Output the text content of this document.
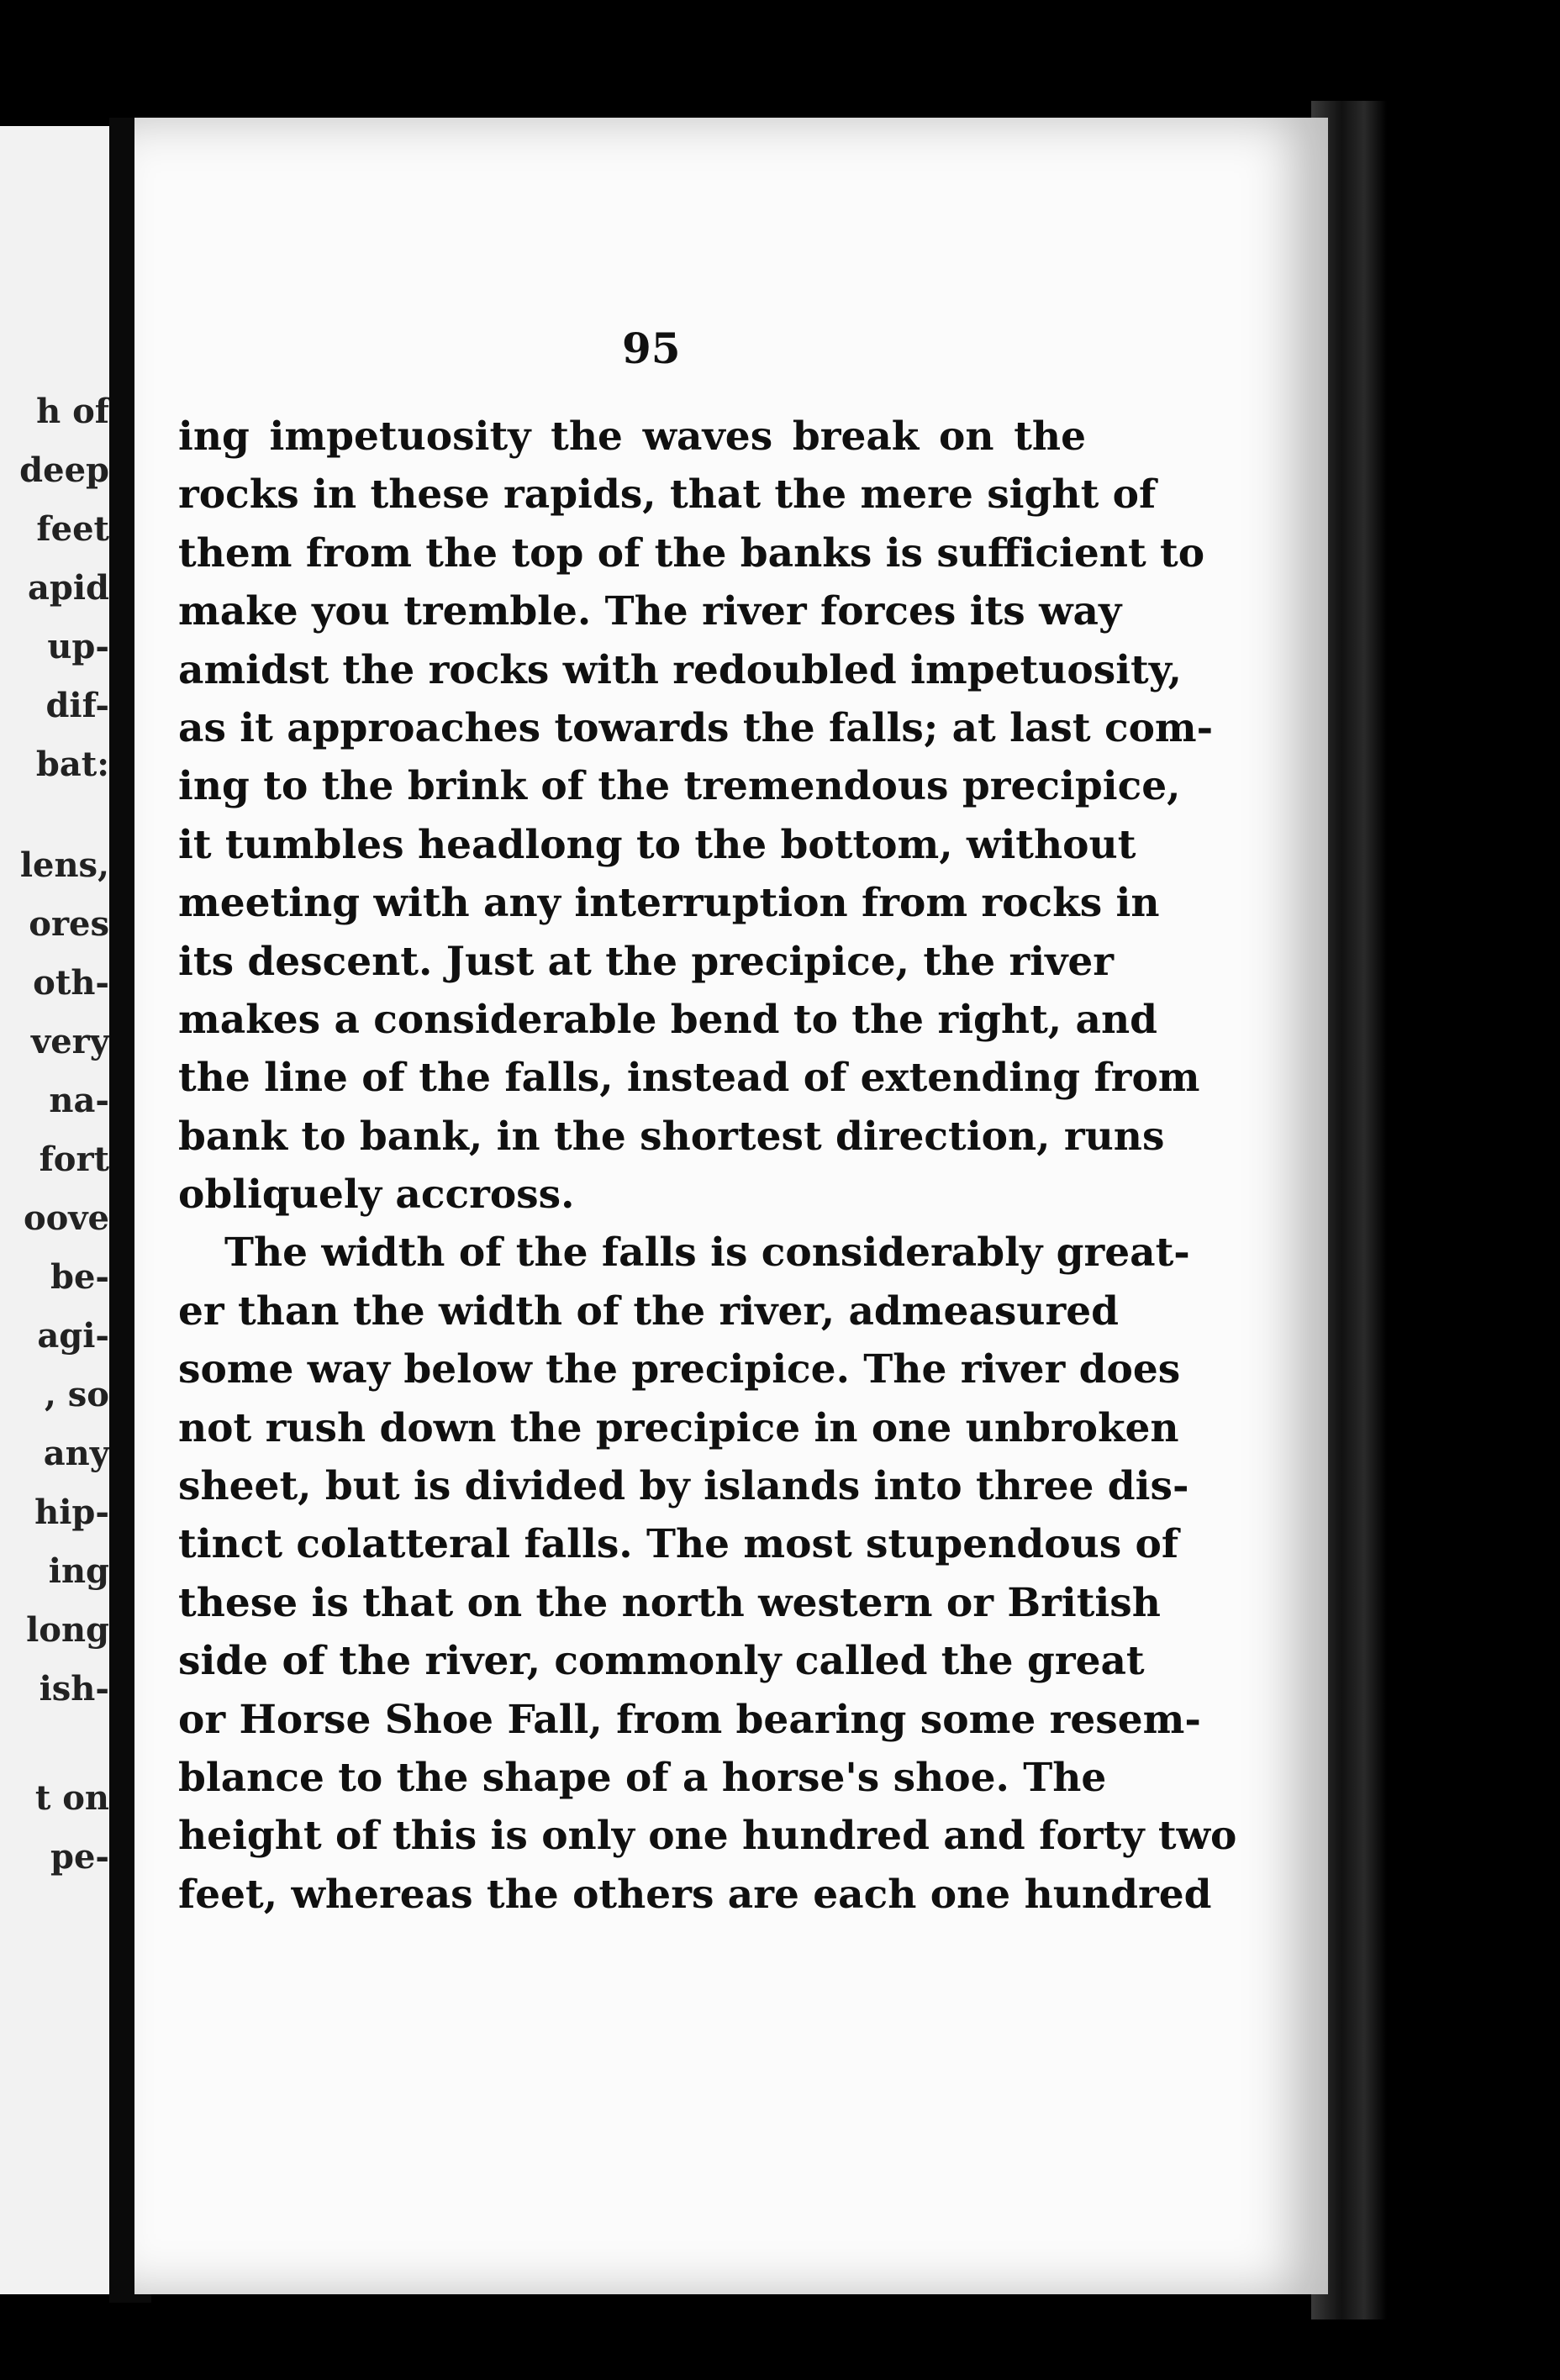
h of
deep
feet
apid
up-
dif-
bat:
lens,
ores
oth-
very
na-
fort
oove
be-
agi-
, so
any
hip-
ing
long
ish-
t on
pe-
95
ing impetuosity the waves break on the
rocks in these rapids, that the mere sight of
them from the top of the banks is sufficient to
make you tremble. The river forces its way
amidst the rocks with redoubled impetuosity,
as it approaches towards the falls; at last com-
ing to the brink of the tremendous precipice,
it tumbles headlong to the bottom, without
meeting with any interruption from rocks in
its descent. Just at the precipice, the river
makes a considerable bend to the right, and
the line of the falls, instead of extending from
bank to bank, in the shortest direction, runs
obliquely accross.
The width of the falls is considerably great-
er than the width of the river, admeasured
some way below the precipice. The river does
not rush down the precipice in one unbroken
sheet, but is divided by islands into three dis-
tinct colatteral falls. The most stupendous of
these is that on the north western or British
side of the river, commonly called the great
or Horse Shoe Fall, from bearing some resem-
blance to the shape of a horse's shoe. The
height of this is only one hundred and forty two
feet, whereas the others are each one hundred
